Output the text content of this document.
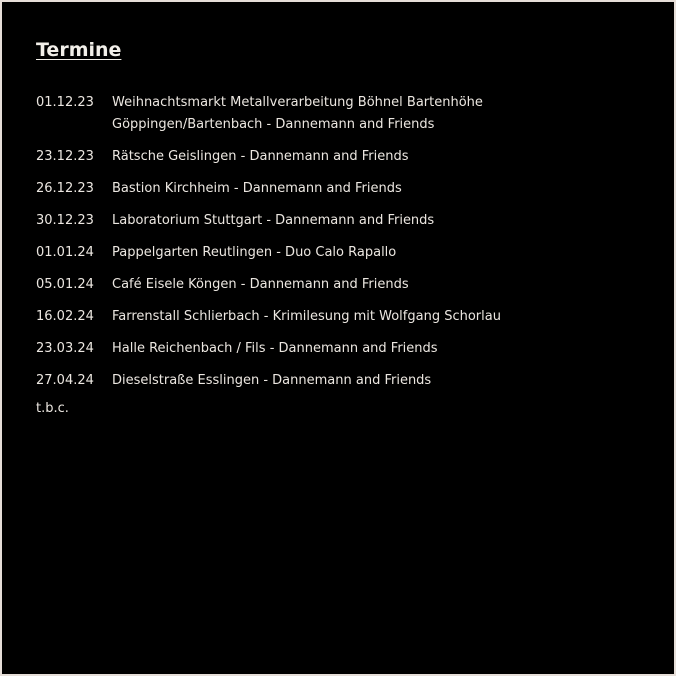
Termine
01.12.23	Weihnachtsmarkt Metallverarbeitung Böhnel Bartenhöhe
Göppingen/Bartenbach - Dannemann and Friends
23.12.23	Rätsche Geislingen - Dannemann and Friends
26.12.23	Bastion Kirchheim - Dannemann and Friends
30.12.23	Laboratorium Stuttgart - Dannemann and Friends
01.01.24	Pappelgarten Reutlingen - Duo Calo Rapallo
05.01.24	Café Eisele Köngen - Dannemann and Friends
16.02.24	Farrenstall Schlierbach - Krimilesung mit Wolfgang Schorlau
23.03.24	Halle Reichenbach / Fils - Dannemann and Friends
27.04.24	Dieselstraße Esslingen - Dannemann and Friends

t.b.c.
